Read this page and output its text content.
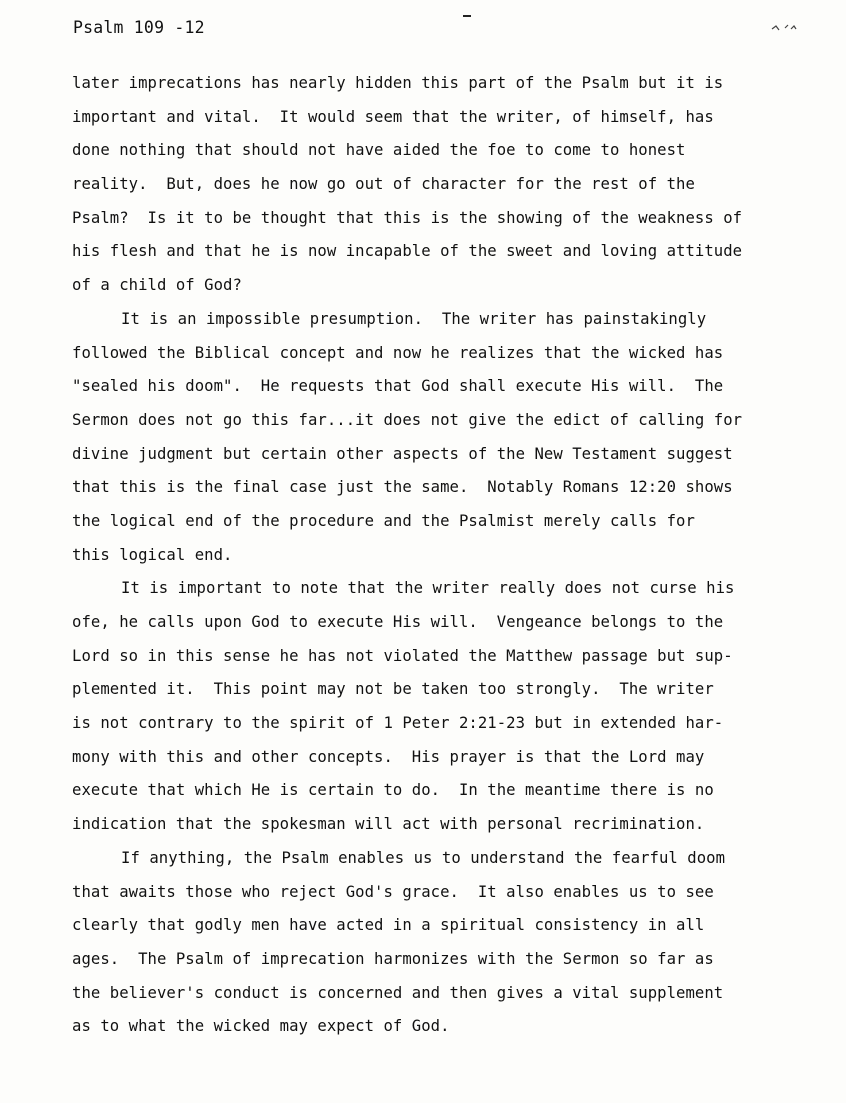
Psalm 109 -12
later imprecations has nearly hidden this part of the Psalm but it is
important and vital.  It would seem that the writer, of himself, has
done nothing that should not have aided the foe to come to honest
reality.  But, does he now go out of character for the rest of the
Psalm?  Is it to be thought that this is the showing of the weakness of
his flesh and that he is now incapable of the sweet and loving attitude
of a child of God?
It is an impossible presumption.  The writer has painstakingly
followed the Biblical concept and now he realizes that the wicked has
"sealed his doom".  He requests that God shall execute His will.  The
Sermon does not go this far...it does not give the edict of calling for
divine judgment but certain other aspects of the New Testament suggest
that this is the final case just the same.  Notably Romans 12:20 shows
the logical end of the procedure and the Psalmist merely calls for
this logical end.
It is important to note that the writer really does not curse his
ofe, he calls upon God to execute His will.  Vengeance belongs to the
Lord so in this sense he has not violated the Matthew passage but sup-
plemented it.  This point may not be taken too strongly.  The writer
is not contrary to the spirit of 1 Peter 2:21-23 but in extended har-
mony with this and other concepts.  His prayer is that the Lord may
execute that which He is certain to do.  In the meantime there is no
indication that the spokesman will act with personal recrimination.
If anything, the Psalm enables us to understand the fearful doom
that awaits those who reject God's grace.  It also enables us to see
clearly that godly men have acted in a spiritual consistency in all
ages.  The Psalm of imprecation harmonizes with the Sermon so far as
the believer's conduct is concerned and then gives a vital supplement
as to what the wicked may expect of God.
